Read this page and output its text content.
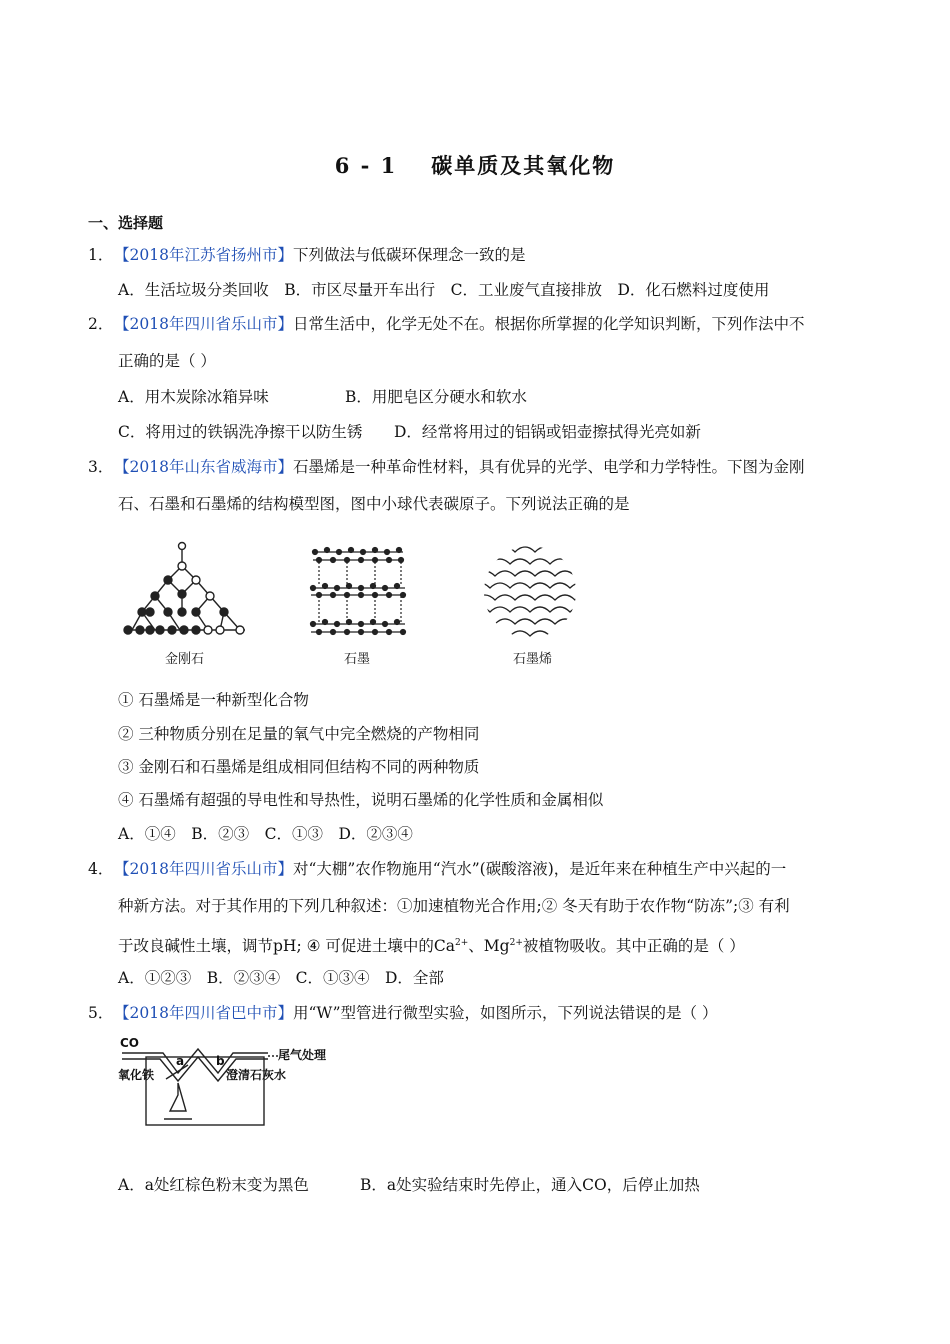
6 - 1 碳单质及其氧化物
一、选择题
1．【2018年江苏省扬州市】下列做法与低碳环保理念一致的是
A．生活垃圾分类回收　B．市区尽量开车出行　C．工业废气直接排放　D．化石燃料过度使用
2．【2018年四川省乐山市】日常生活中，化学无处不在。根据你所掌握的化学知识判断，下列作法中不
正确的是（ ）
A．用木炭除冰箱异味	B．用肥皂区分硬水和软水
C．将用过的铁锅洗净擦干以防生锈 D．经常将用过的铝锅或铝壶擦拭得光亮如新
3．【2018年山东省威海市】石墨烯是一种革命性材料，具有优异的光学、电学和力学特性。下图为金刚
石、石墨和石墨烯的结构模型图，图中小球代表碳原子。下列说法正确的是
金刚石	石墨	石墨烯
① 石墨烯是一种新型化合物
② 三种物质分别在足量的氧气中完全燃烧的产物相同
③ 金刚石和石墨烯是组成相同但结构不同的两种物质
④ 石墨烯有超强的导电性和导热性，说明石墨烯的化学性质和金属相似
A．①④　B．②③　C．①③　D．②③④
4．【2018年四川省乐山市】对“大棚”农作物施用“汽水”(碳酸溶液)，是近年来在种植生产中兴起的一
种新方法。对于其作用的下列几种叙述：①加速植物光合作用;② 冬天有助于农作物“防冻”;③ 有利
于改良碱性土壤，调节pH; ④ 可促进土壤中的$Ca^{2+}$、$Mg^{2+}$被植物吸收。其中正确的是（ ）
A．①②③　B．②③④　C．①③④　D．全部
5．【2018年四川省巴中市】用“W”型管进行微型实验，如图所示，下列说法错误的是（ ）
CO
a	b	尾气处理
氧化铁	澄清石灰水
A．a处红棕色粉末变为黑色	B．a处实验结束时先停止，通入CO，后停止加热
